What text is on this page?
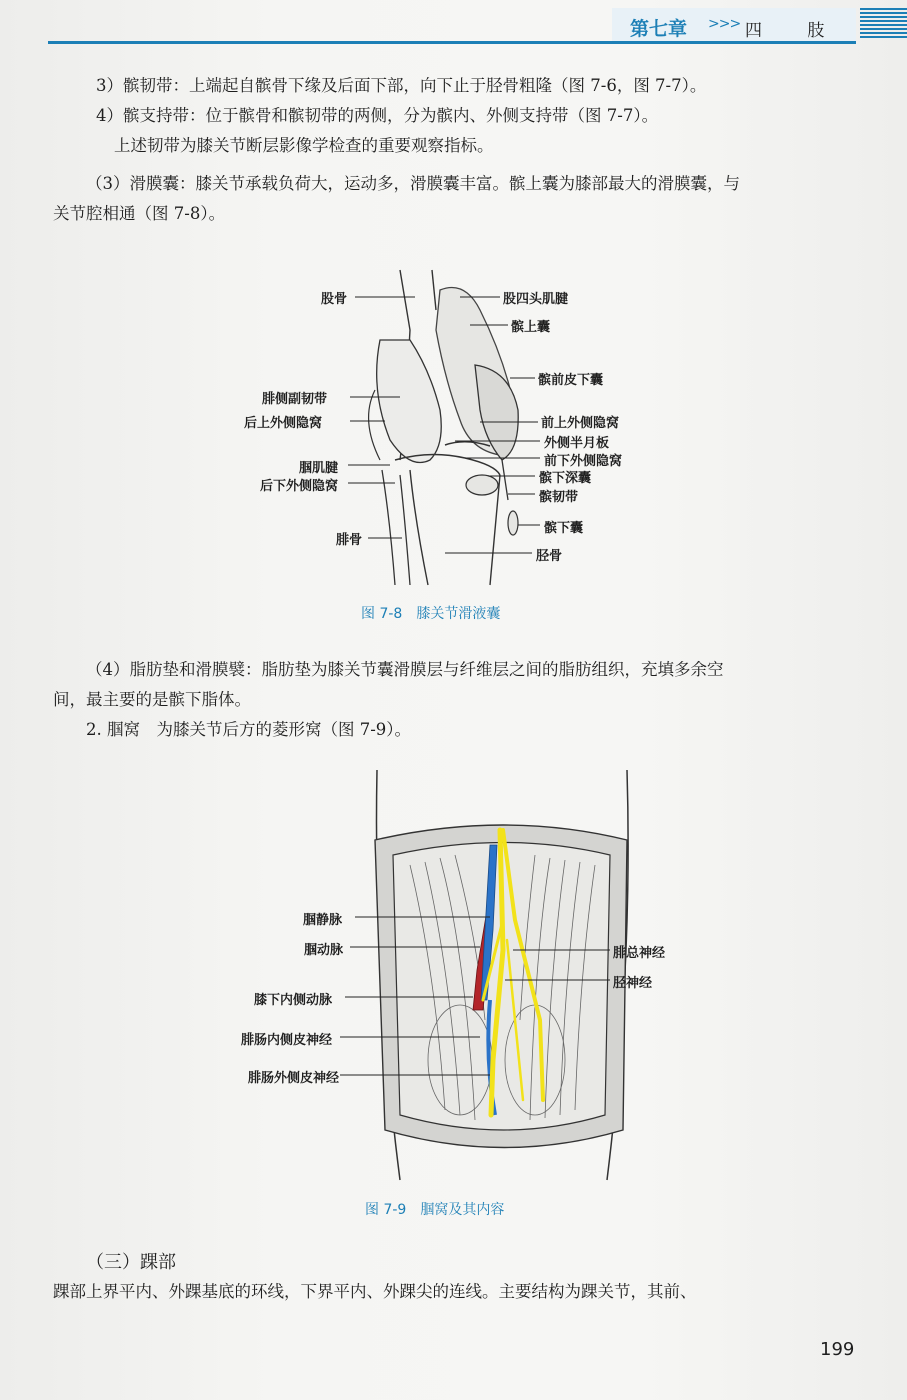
第七章 >>> 四 肢
3）髌韧带：上端起自髌骨下缘及后面下部，向下止于胫骨粗隆（图 7-6，图 7-7）。
4）髌支持带：位于髌骨和髌韧带的两侧，分为髌内、外侧支持带（图 7-7）。
上述韧带为膝关节断层影像学检查的重要观察指标。
（3）滑膜囊：膝关节承载负荷大，运动多，滑膜囊丰富。髌上囊为膝部最大的滑膜囊，与
关节腔相通（图 7-8）。
股骨
腓侧副韧带
后上外侧隐窝
腘肌腱
后下外侧隐窝
腓骨
股四头肌腱
髌上囊
髌前皮下囊
前上外侧隐窝
外侧半月板
前下外侧隐窝
髌下深囊
髌韧带
髌下囊
胫骨
图 7-8　膝关节滑液囊
（4）脂肪垫和滑膜襞：脂肪垫为膝关节囊滑膜层与纤维层之间的脂肪组织，充填多余空
间，最主要的是髌下脂体。
2. 腘窝　为膝关节后方的菱形窝（图 7-9）。
腘静脉
腘动脉
膝下内侧动脉
腓肠内侧皮神经
腓肠外侧皮神经
腓总神经
胫神经
图 7-9　腘窝及其内容
（三）踝部
踝部上界平内、外踝基底的环线，下界平内、外踝尖的连线。主要结构为踝关节，其前、
199
